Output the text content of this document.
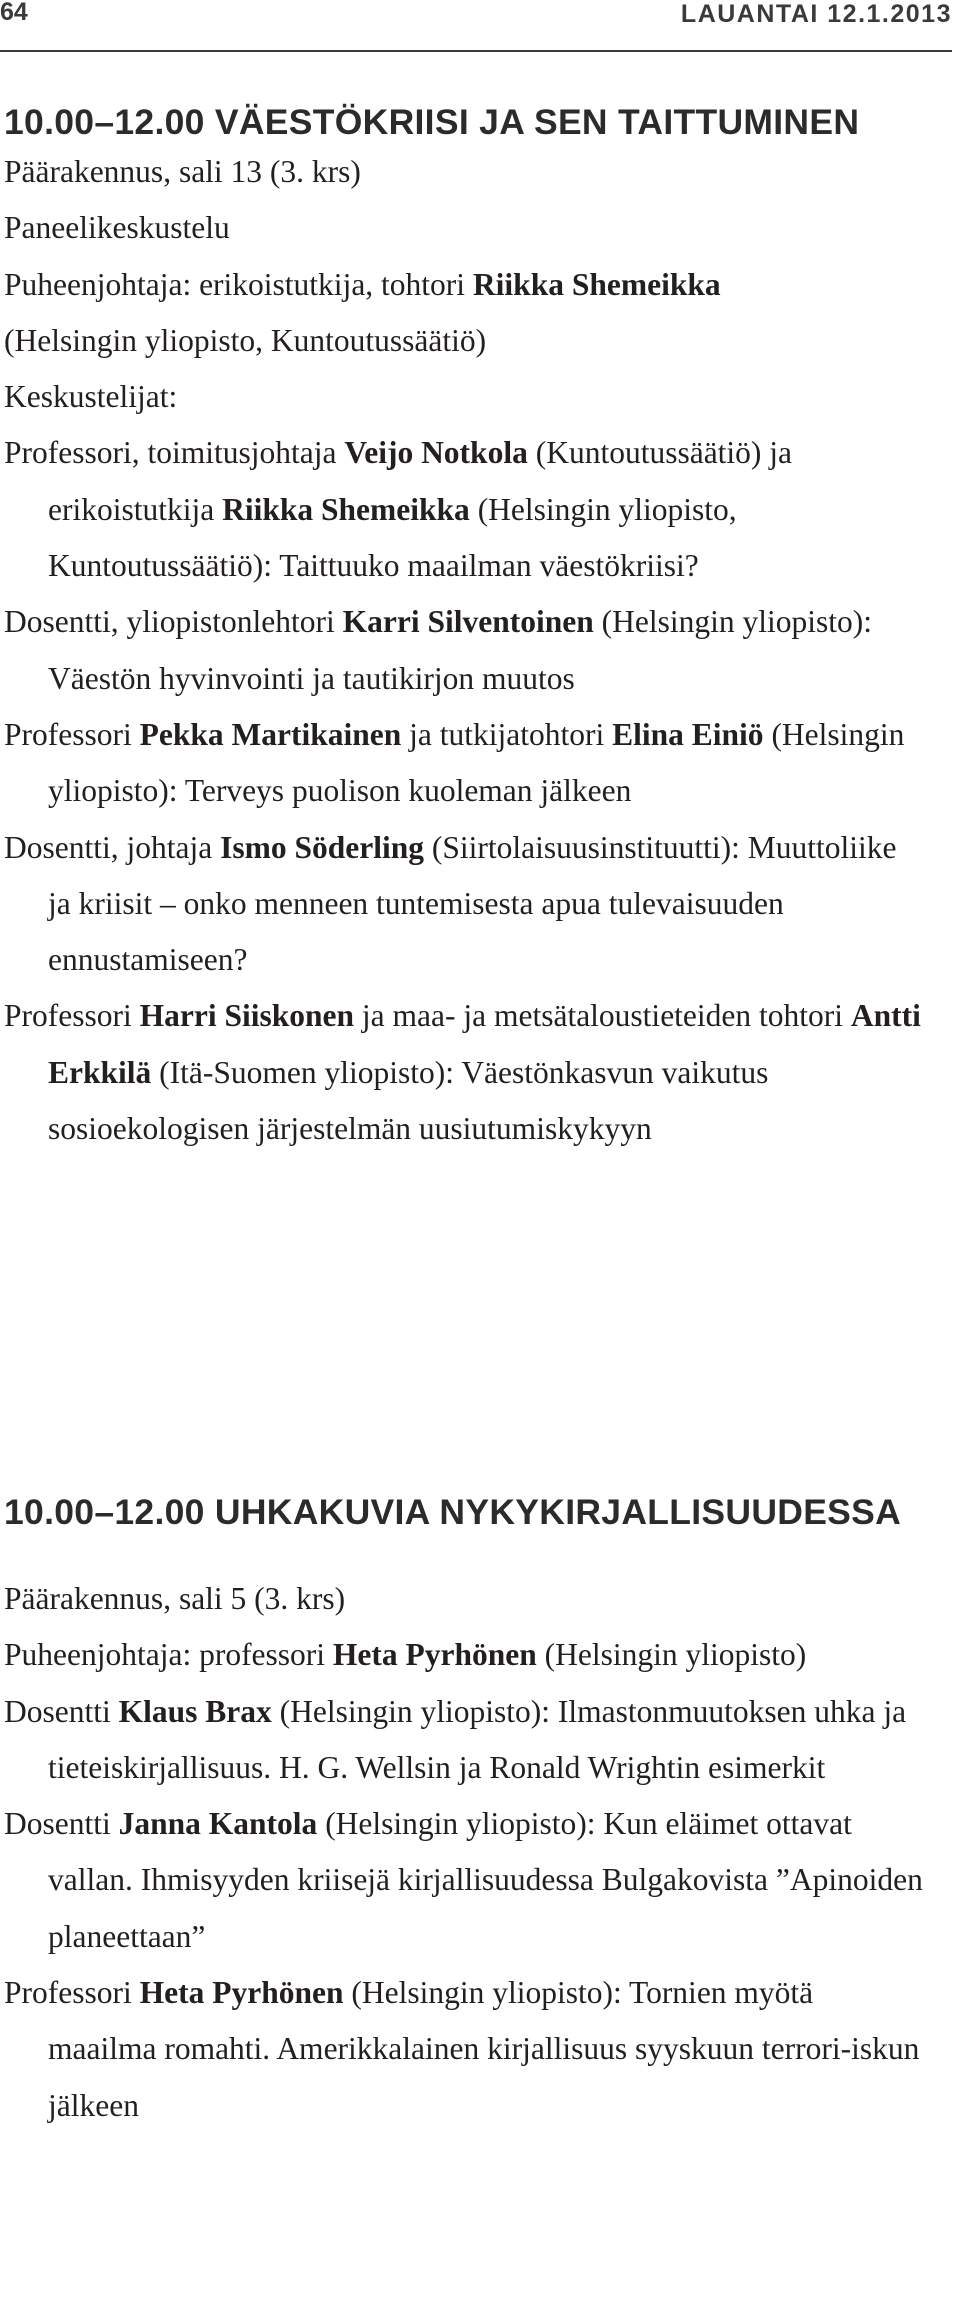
64	LAUANTAI 12.1.2013
10.00–12.00 VÄESTÖKRIISI JA SEN TAITTUMINEN

Päärakennus, sali 13 (3. krs)

Paneelikeskustelu

Puheenjohtaja: erikoistutkija, tohtori Riikka Shemeikka

(Helsingin yliopisto, Kuntoutussäätiö)

Keskustelijat:

Professori, toimitusjohtaja Veijo Notkola (Kuntoutussäätiö) ja erikoistutkija Riikka Shemeikka (Helsingin yliopisto, Kuntoutussäätiö): Taittuuko maailman väestökriisi?

Dosentti, yliopistonlehtori Karri Silventoinen (Helsingin yliopisto): Väestön hyvinvointi ja tautikirjon muutos

Professori Pekka Martikainen ja tutkijatohtori Elina Einiö (Helsingin yliopisto): Terveys puolison kuoleman jälkeen

Dosentti, johtaja Ismo Söderling (Siirtolaisuusinstituutti): Muuttoliike ja kriisit – onko menneen tuntemisesta apua tulevaisuuden ennustamiseen?

Professori Harri Siiskonen ja maa- ja metsätaloustieteiden tohtori Antti Erkkilä (Itä-Suomen yliopisto): Väestönkasvun vaikutus sosioekologisen järjestelmän uusiutumiskykyyn

10.00–12.00 UHKAKUVIA NYKYKIRJALLISUUDESSA

Päärakennus, sali 5 (3. krs)

Puheenjohtaja: professori Heta Pyrhönen (Helsingin yliopisto)

Dosentti Klaus Brax (Helsingin yliopisto): Ilmastonmuutoksen uhka ja tieteiskirjallisuus. H. G. Wellsin ja Ronald Wrightin esimerkit

Dosentti Janna Kantola (Helsingin yliopisto): Kun eläimet ottavat vallan. Ihmisyyden kriisejä kirjallisuudessa Bulgakovista ”Apinoiden planeettaan”

Professori Heta Pyrhönen (Helsingin yliopisto): Tornien myötä maailma romahti. Amerikkalainen kirjallisuus syyskuun terrori-iskun jälkeen
